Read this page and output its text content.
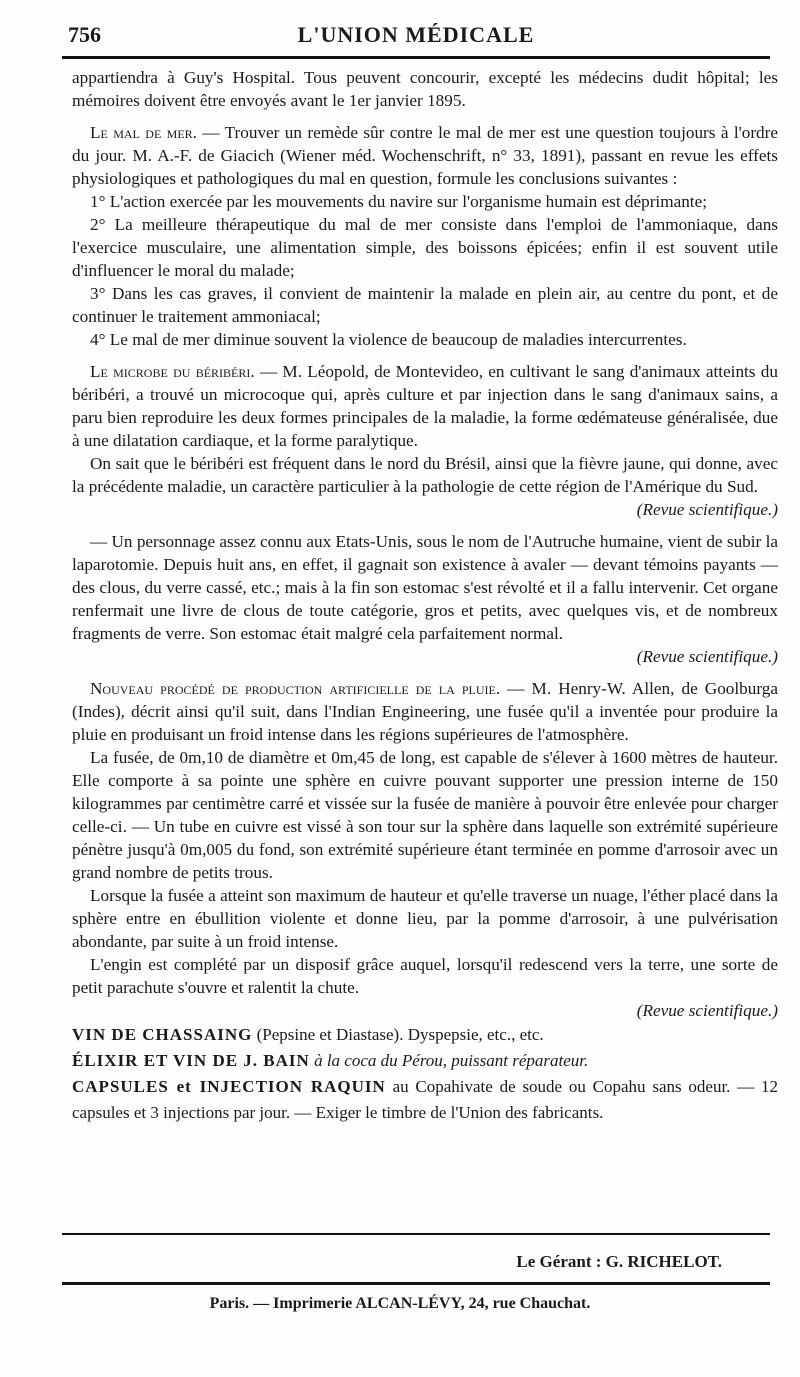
756	L'UNION MÉDICALE

appartiendra à Guy's Hospital. Tous peuvent concourir, excepté les médecins dudit hôpital; les mémoires doivent être envoyés avant le 1er janvier 1895.

Le mal de mer. — Trouver un remède sûr contre le mal de mer est une question toujours à l'ordre du jour. M. A.-F. de Giacich (Wiener méd. Wochenschrift, n° 33, 1891), passant en revue les effets physiologiques et pathologiques du mal en question, formule les conclusions suivantes :

1° L'action exercée par les mouvements du navire sur l'organisme humain est déprimante;

2° La meilleure thérapeutique du mal de mer consiste dans l'emploi de l'ammoniaque, dans l'exercice musculaire, une alimentation simple, des boissons épicées; enfin il est souvent utile d'influencer le moral du malade;

3° Dans les cas graves, il convient de maintenir la malade en plein air, au centre du pont, et de continuer le traitement ammoniacal;

4° Le mal de mer diminue souvent la violence de beaucoup de maladies intercurrentes.

Le microbe du béribéri. — M. Léopold, de Montevideo, en cultivant le sang d'animaux atteints du béribéri, a trouvé un microcoque qui, après culture et par injection dans le sang d'animaux sains, a paru bien reproduire les deux formes principales de la maladie, la forme œdémateuse généralisée, due à une dilatation cardiaque, et la forme paralytique.

On sait que le béribéri est fréquent dans le nord du Brésil, ainsi que la fièvre jaune, qui donne, avec la précédente maladie, un caractère particulier à la pathologie de cette région de l'Amérique du Sud.
(Revue scientifique.)

— Un personnage assez connu aux Etats-Unis, sous le nom de l'Autruche humaine, vient de subir la laparotomie. Depuis huit ans, en effet, il gagnait son existence à avaler — devant témoins payants — des clous, du verre cassé, etc.; mais à la fin son estomac s'est révolté et il a fallu intervenir. Cet organe renfermait une livre de clous de toute catégorie, gros et petits, avec quelques vis, et de nombreux fragments de verre. Son estomac était malgré cela parfaitement normal.
(Revue scientifique.)

Nouveau procédé de production artificielle de la pluie. — M. Henry-W. Allen, de Goolburga (Indes), décrit ainsi qu'il suit, dans l'Indian Engineering, une fusée qu'il a inventée pour produire la pluie en produisant un froid intense dans les régions supérieures de l'atmosphère.

La fusée, de 0m,10 de diamètre et 0m,45 de long, est capable de s'élever à 1600 mètres de hauteur. Elle comporte à sa pointe une sphère en cuivre pouvant supporter une pression interne de 150 kilogrammes par centimètre carré et vissée sur la fusée de manière à pouvoir être enlevée pour charger celle-ci. — Un tube en cuivre est vissé à son tour sur la sphère dans laquelle son extrémité supérieure pénètre jusqu'à 0m,005 du fond, son extrémité supérieure étant terminée en pomme d'arrosoir avec un grand nombre de petits trous.

Lorsque la fusée a atteint son maximum de hauteur et qu'elle traverse un nuage, l'éther placé dans la sphère entre en ébullition violente et donne lieu, par la pomme d'arrosoir, à une pulvérisation abondante, par suite à un froid intense.

L'engin est complété par un disposif grâce auquel, lorsqu'il redescend vers la terre, une sorte de petit parachute s'ouvre et ralentit la chute.
(Revue scientifique.)

VIN DE CHASSAING (Pepsine et Diastase). Dyspepsie, etc., etc.

ÉLIXIR ET VIN DE J. BAIN à la coca du Pérou, puissant réparateur.

CAPSULES et INJECTION RAQUIN au Copahivate de soude ou Copahu sans odeur. — 12 capsules et 3 injections par jour. — Exiger le timbre de l'Union des fabricants.

Le Gérant : G. RICHELOT.
Paris. — Imprimerie ALCAN-LÉVY, 24, rue Chauchat.
